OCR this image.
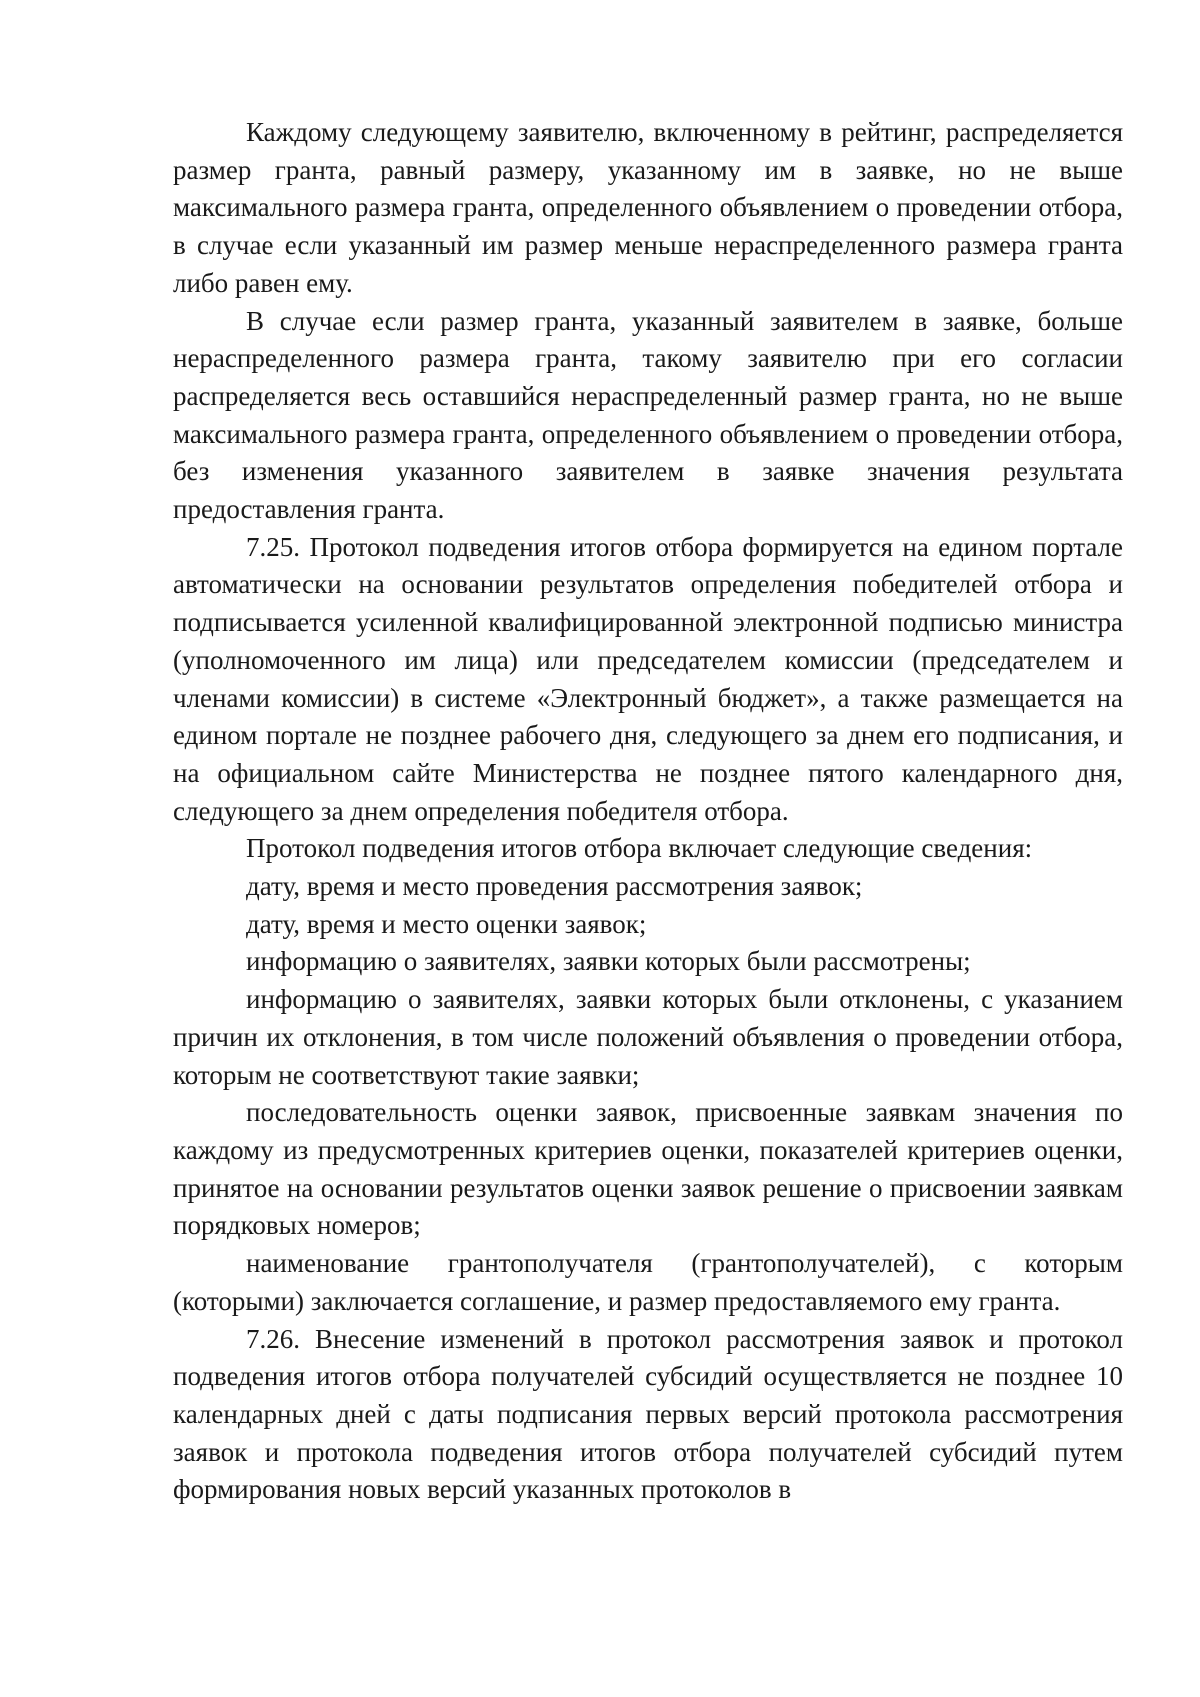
Каждому следующему заявителю, включенному в рейтинг, распределяется размер гранта, равный размеру, указанному им в заявке, но не выше максимального размера гранта, определенного объявлением о проведении отбора, в случае если указанный им размер меньше нераспределенного размера гранта либо равен ему.

В случае если размер гранта, указанный заявителем в заявке, больше нераспределенного размера гранта, такому заявителю при его согласии распределяется весь оставшийся нераспределенный размер гранта, но не выше максимального размера гранта, определенного объявлением о проведении отбора, без изменения указанного заявителем в заявке значения результата предоставления гранта.

7.25. Протокол подведения итогов отбора формируется на едином портале автоматически на основании результатов определения победителей отбора и подписывается усиленной квалифицированной электронной подписью министра (уполномоченного им лица) или председателем комиссии (председателем и членами комиссии) в системе «Электронный бюджет», а также размещается на едином портале не позднее рабочего дня, следующего за днем его подписания, и на официальном сайте Министерства не позднее пятого календарного дня, следующего за днем определения победителя отбора.

Протокол подведения итогов отбора включает следующие сведения:

дату, время и место проведения рассмотрения заявок;

дату, время и место оценки заявок;

информацию о заявителях, заявки которых были рассмотрены;

информацию о заявителях, заявки которых были отклонены, с указанием причин их отклонения, в том числе положений объявления о проведении отбора, которым не соответствуют такие заявки;

последовательность оценки заявок, присвоенные заявкам значения по каждому из предусмотренных критериев оценки, показателей критериев оценки, принятое на основании результатов оценки заявок решение о присвоении заявкам порядковых номеров;

наименование грантополучателя (грантополучателей), с которым (которыми) заключается соглашение, и размер предоставляемого ему гранта.

7.26. Внесение изменений в протокол рассмотрения заявок и протокол подведения итогов отбора получателей субсидий осуществляется не позднее 10 календарных дней с даты подписания первых версий протокола рассмотрения заявок и протокола подведения итогов отбора получателей субсидий путем формирования новых версий указанных протоколов в
